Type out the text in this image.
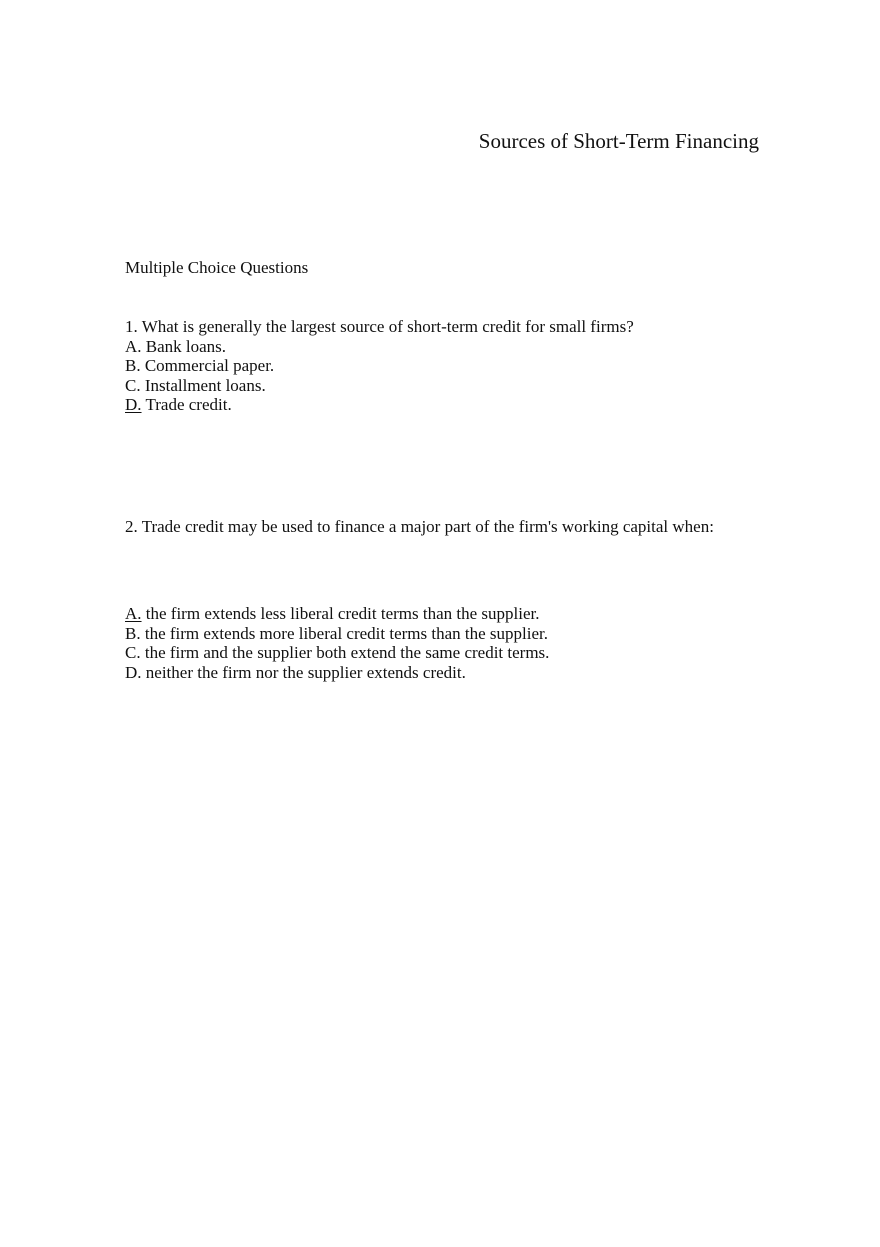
Sources of Short-Term Financing
Multiple Choice Questions
1. What is generally the largest source of short-term credit for small firms?
A. Bank loans.
B. Commercial paper.
C. Installment loans.
D. Trade credit.
2. Trade credit may be used to finance a major part of the firm's working capital when:
A. the firm extends less liberal credit terms than the supplier.
B. the firm extends more liberal credit terms than the supplier.
C. the firm and the supplier both extend the same credit terms.
D. neither the firm nor the supplier extends credit.
